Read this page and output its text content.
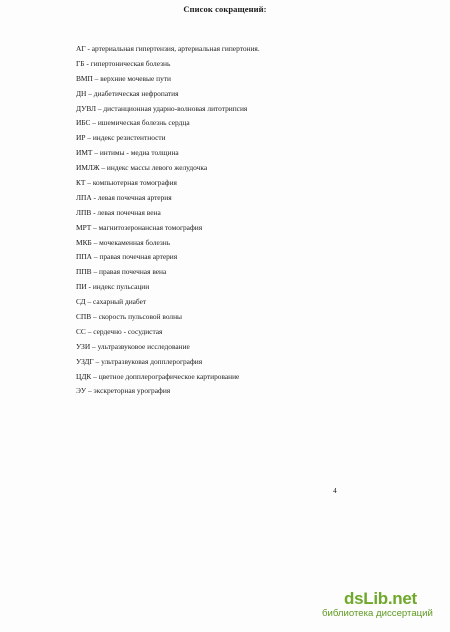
Список сокращений:
АГ - артериальная гипертензия, артериальная гипертония.
ГБ - гипертоническая болезнь
ВМП – верхние мочевые пути
ДН – диабетическая нефропатия
ДУВЛ – дистанционная ударно-волновая литотрипсия
ИБС – ишемическая болезнь сердца
ИР – индекс резистентности
ИМТ – интимы - медиа толщина
ИМЛЖ – индекс массы левого желудочка
КТ – компьютерная томография
ЛПА - левая почечная артерия
ЛПВ - левая почечная вена
МРТ – магнитозеронансная томография
МКБ – мочекаменная болезнь
ППА – правая почечная артерия
ППВ – правая почечная вена
ПИ - индекс пульсации
СД – сахарный диабет
СПВ – скорость пульсовой волны
СС – сердечно - сосудистая
УЗИ – ультразвуковое исследование
УЗДГ – ультразвуковая допплерография
ЦДК – цветное допплерографическое картирование
ЭУ – экскреторная урография
4
dsLib.net
библиотека диссертаций
